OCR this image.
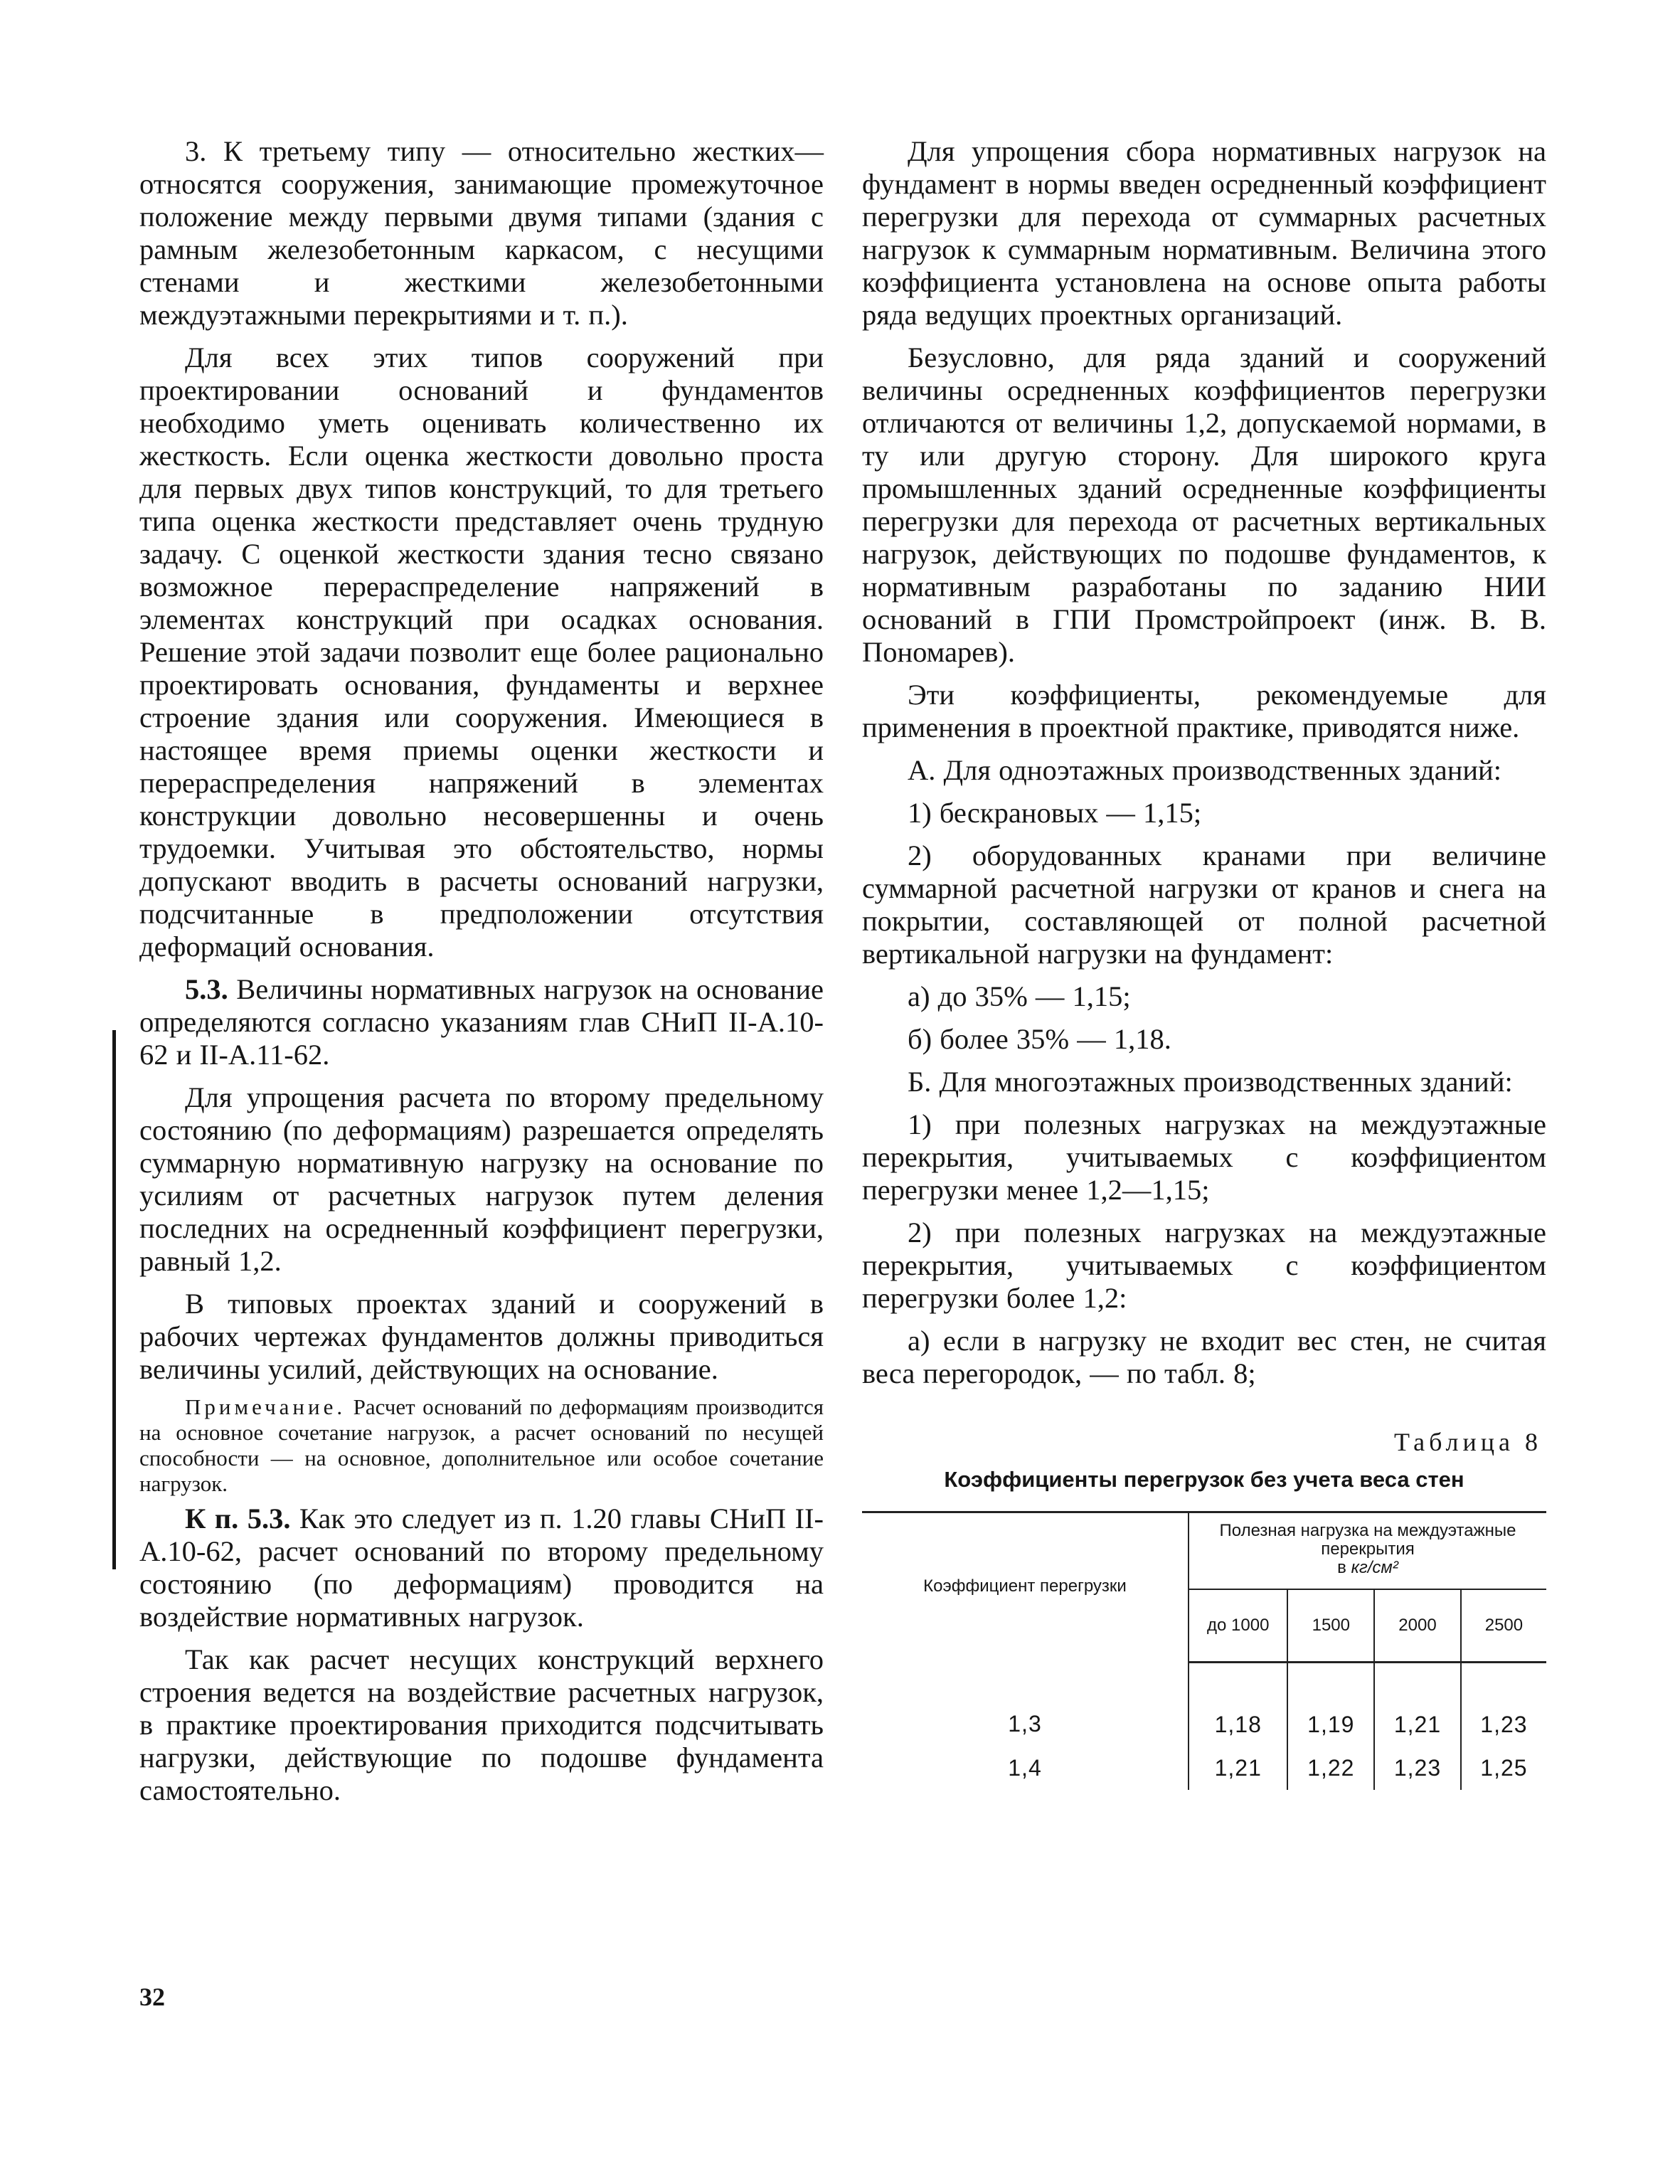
3. К третьему типу — относительно жестких— относятся сооружения, занимающие промежуточное положение между первыми двумя типами (здания с рамным железобетонным каркасом, с несущими стенами и жесткими железобетонными междуэтажными перекрытиями и т. п.).

Для всех этих типов сооружений при проектировании оснований и фундаментов необходимо уметь оценивать количественно их жесткость. Если оценка жесткости довольно проста для первых двух типов конструкций, то для третьего типа оценка жесткости представляет очень трудную задачу. С оценкой жесткости здания тесно связано возможное перераспределение напряжений в элементах конструкций при осадках основания. Решение этой задачи позволит еще более рационально проектировать основания, фундаменты и верхнее строение здания или сооружения. Имеющиеся в настоящее время приемы оценки жесткости и перераспределения напряжений в элементах конструкции довольно несовершенны и очень трудоемки. Учитывая это обстоятельство, нормы допускают вводить в расчеты оснований нагрузки, подсчитанные в предположении отсутствия деформаций основания.

5.3. Величины нормативных нагрузок на основание определяются согласно указаниям глав СНиП II-А.10-62 и II-А.11-62.

Для упрощения расчета по второму предельному состоянию (по деформациям) разрешается определять суммарную нормативную нагрузку на основание по усилиям от расчетных нагрузок путем деления последних на осредненный коэффициент перегрузки, равный 1,2.

В типовых проектах зданий и сооружений в рабочих чертежах фундаментов должны приводиться величины усилий, действующих на основание.

Примечание. Расчет оснований по деформациям производится на основное сочетание нагрузок, а расчет оснований по несущей способности — на основное, дополнительное или особое сочетание нагрузок.

К п. 5.3. Как это следует из п. 1.20 главы СНиП II-А.10-62, расчет оснований по второму предельному состоянию (по деформациям) проводится на воздействие нормативных нагрузок.

Так как расчет несущих конструкций верхнего строения ведется на воздействие расчетных нагрузок, в практике проектирования приходится подсчитывать нагрузки, действующие по подошве фундамента самостоятельно.

32

Для упрощения сбора нормативных нагрузок на фундамент в нормы введен осредненный коэффициент перегрузки для перехода от суммарных расчетных нагрузок к суммарным нормативным. Величина этого коэффициента установлена на основе опыта работы ряда ведущих проектных организаций.

Безусловно, для ряда зданий и сооружений величины осредненных коэффициентов перегрузки отличаются от величины 1,2, допускаемой нормами, в ту или другую сторону. Для широкого круга промышленных зданий осредненные коэффициенты перегрузки для перехода от расчетных вертикальных нагрузок, действующих по подошве фундаментов, к нормативным разработаны по заданию НИИ оснований в ГПИ Промстройпроект (инж. В. В. Пономарев).

Эти коэффициенты, рекомендуемые для применения в проектной практике, приводятся ниже.

А. Для одноэтажных производственных зданий:

1) бескрановых — 1,15;

2) оборудованных кранами при величине суммарной расчетной нагрузки от кранов и снега на покрытии, составляющей от полной расчетной вертикальной нагрузки на фундамент:

а) до 35% — 1,15;

б) более 35% — 1,18.

Б. Для многоэтажных производственных зданий:

1) при полезных нагрузках на междуэтажные перекрытия, учитываемых с коэффициентом перегрузки менее 1,2—1,15;

2) при полезных нагрузках на междуэтажные перекрытия, учитываемых с коэффициентом перегрузки более 1,2:

а) если в нагрузку не входит вес стен, не считая веса перегородок, — по табл. 8;

Таблица 8
Коэффициенты перегрузок без учета веса стен
Коэффициент перегрузки	Полезная нагрузка на междуэтажные перекрытия
в кг/см²			
	до 1000	1500	2000	2500
1,3	1,18	1,19	1,21	1,23
1,4	1,21	1,22	1,23	1,25
